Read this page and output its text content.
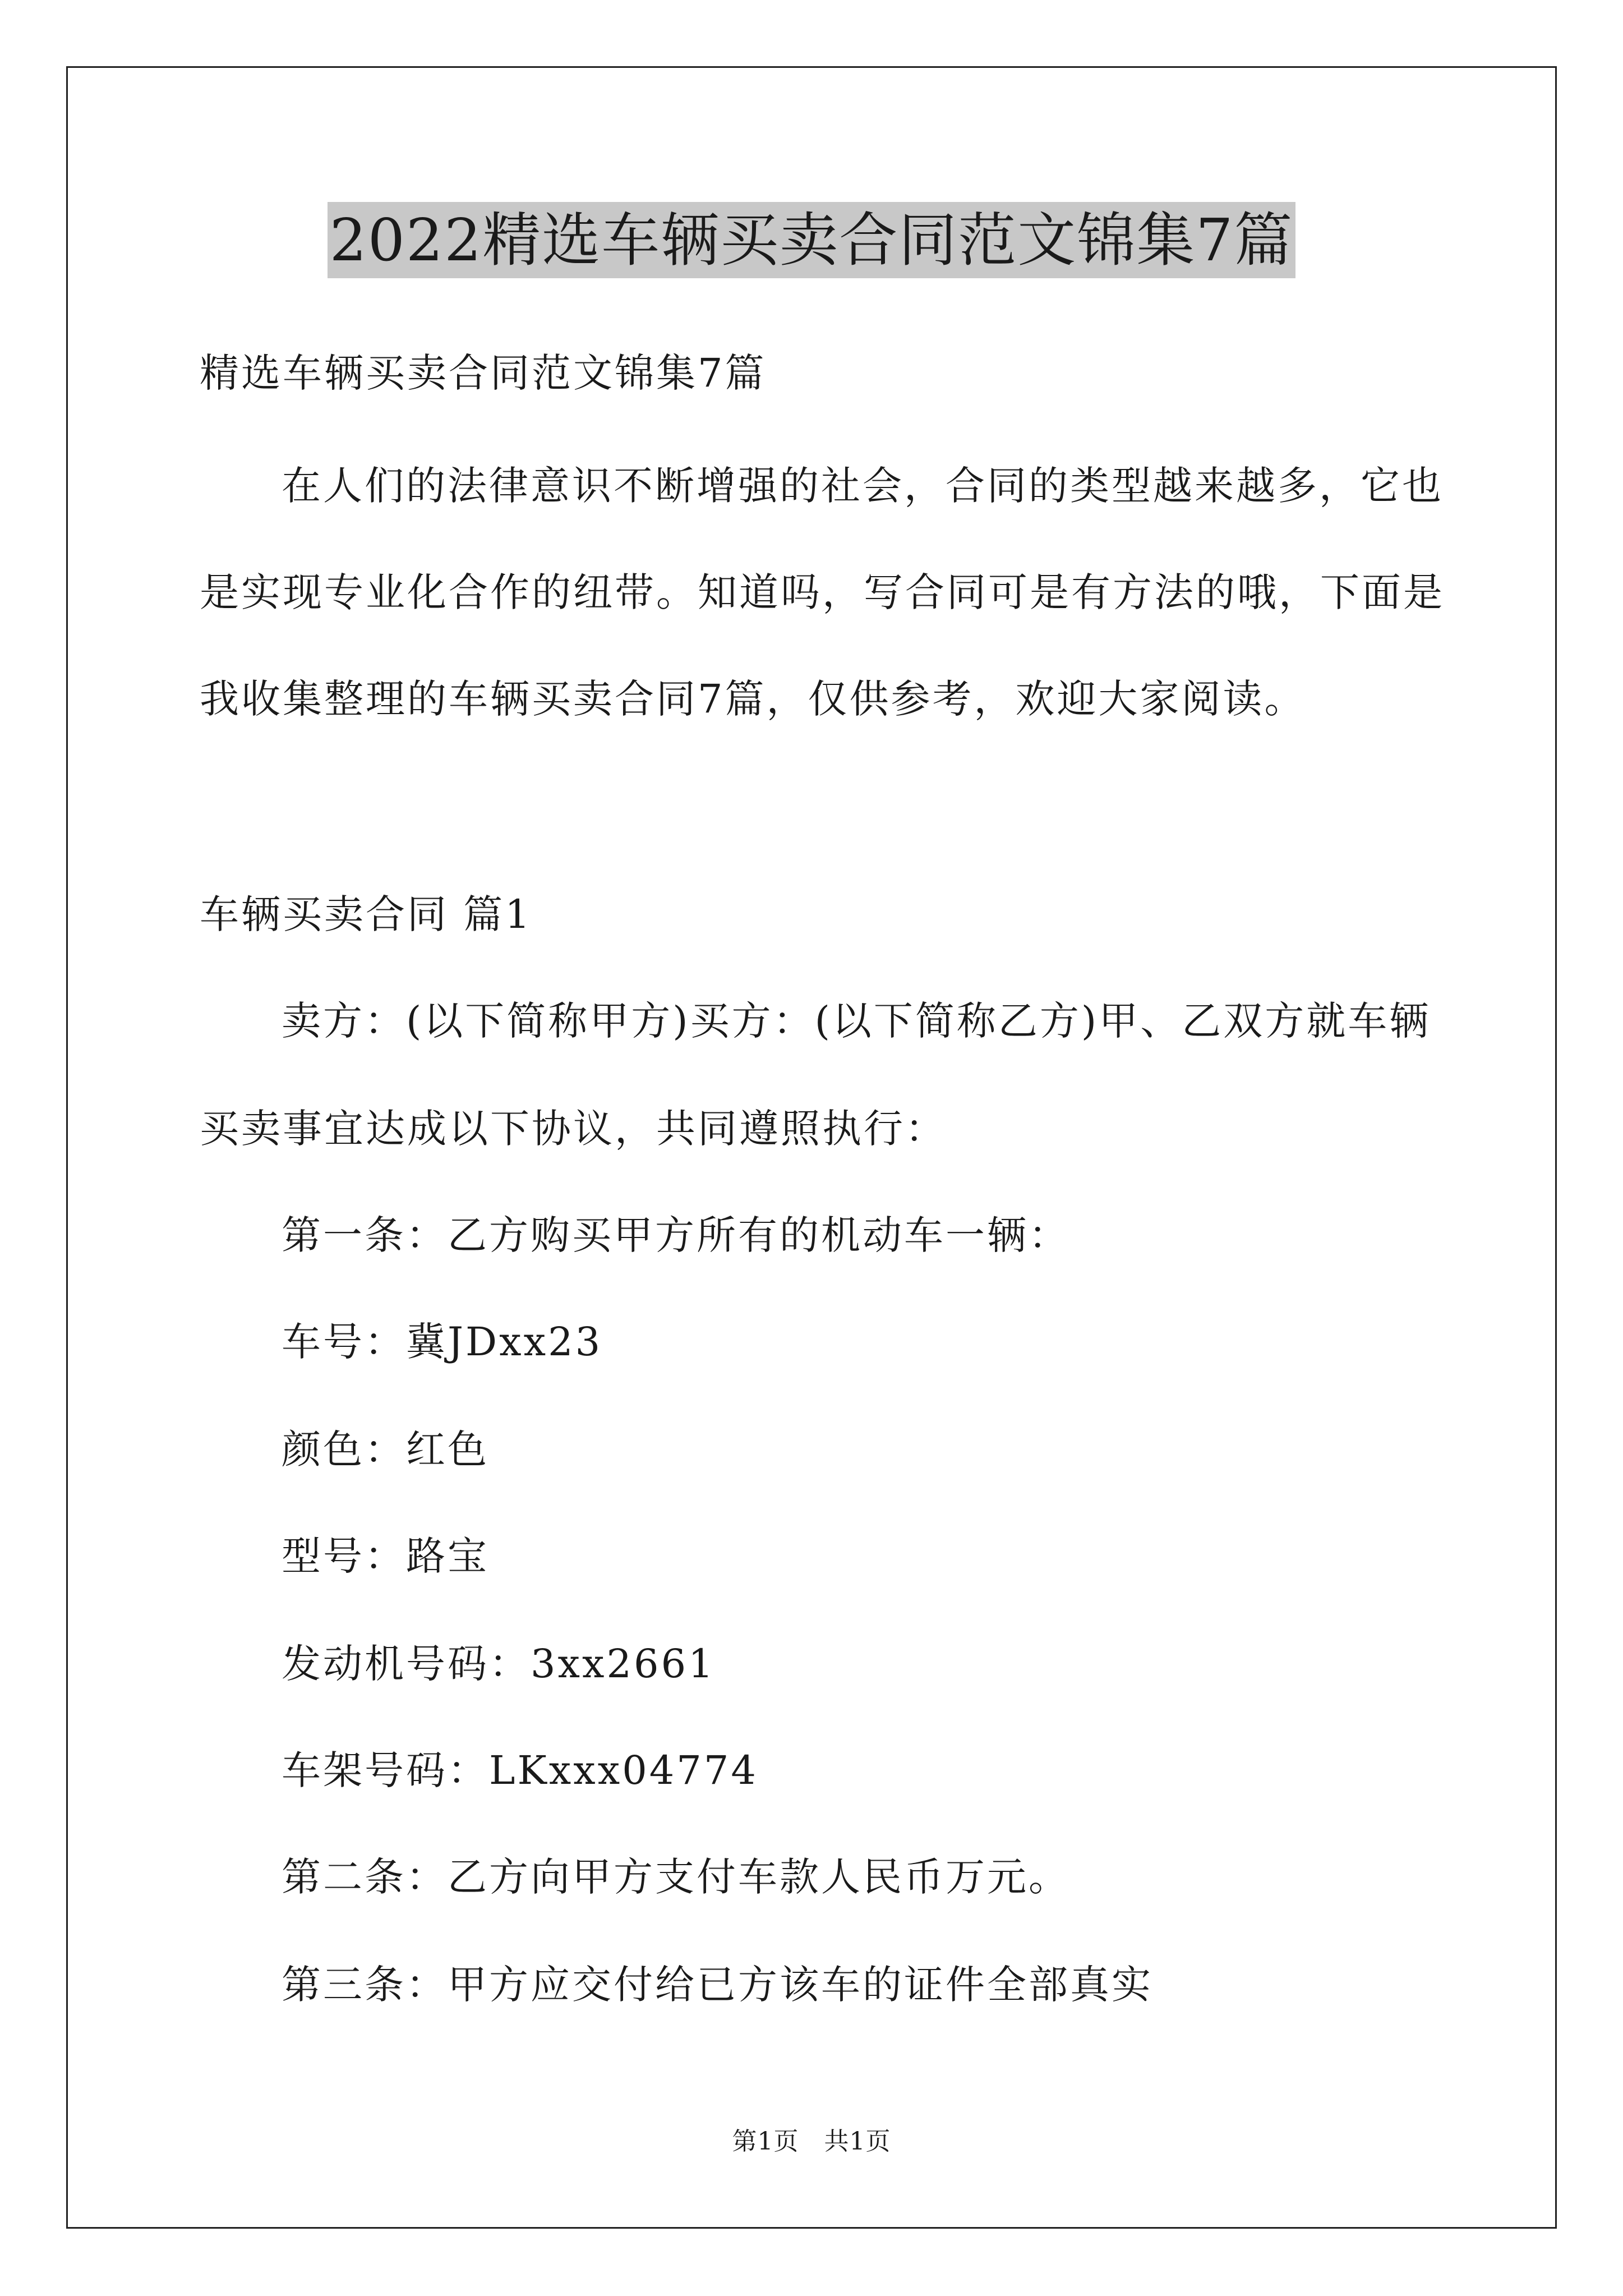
2022精选车辆买卖合同范文锦集7篇

精选车辆买卖合同范文锦集7篇

在人们的法律意识不断增强的社会，合同的类型越来越多，它也

是实现专业化合作的纽带。知道吗，写合同可是有方法的哦，下面是

我收集整理的车辆买卖合同7篇，仅供参考，欢迎大家阅读。

车辆买卖合同 篇1

卖方：(以下简称甲方)买方：(以下简称乙方)甲、乙双方就车辆

买卖事宜达成以下协议，共同遵照执行：

第一条：乙方购买甲方所有的机动车一辆：

车号：冀JDxx23

颜色：红色

型号：路宝

发动机号码：3xx2661

车架号码：LKxxx04774

第二条：乙方向甲方支付车款人民币万元。

第三条：甲方应交付给已方该车的证件全部真实

第1页　共1页
